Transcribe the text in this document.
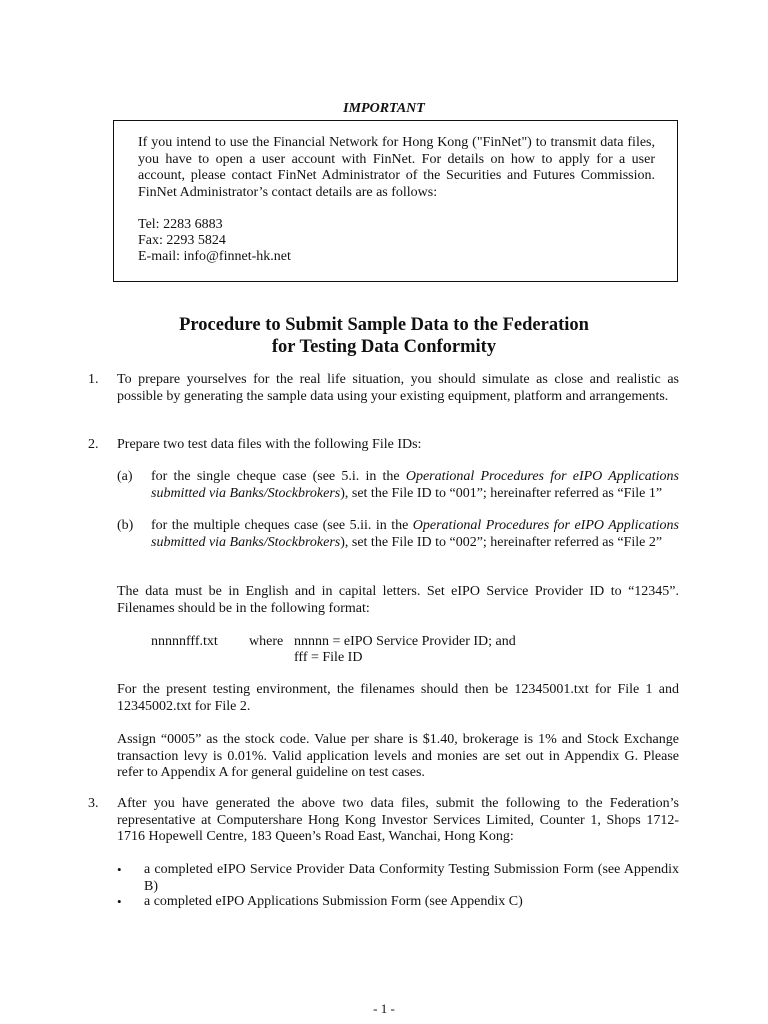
IMPORTANT
If you intend to use the Financial Network for Hong Kong ("FinNet") to transmit data files, you have to open a user account with FinNet. For details on how to apply for a user account, please contact FinNet Administrator of the Securities and Futures Commission. FinNet Administrator’s contact details are as follows:
Tel: 2283 6883
Fax: 2293 5824
E-mail: info@finnet-hk.net
Procedure to Submit Sample Data to the Federation
for Testing Data Conformity
1.	To prepare yourselves for the real life situation, you should simulate as close and realistic as possible by generating the sample data using your existing equipment, platform and arrangements.
2.	Prepare two test data files with the following File IDs:
(a)	for the single cheque case (see 5.i. in the Operational Procedures for eIPO Applications submitted via Banks/Stockbrokers), set the File ID to “001”; hereinafter referred as “File 1”
(b)	for the multiple cheques case (see 5.ii. in the Operational Procedures for eIPO Applications submitted via Banks/Stockbrokers), set the File ID to “002”; hereinafter referred as “File 2”
The data must be in English and in capital letters. Set eIPO Service Provider ID to “12345”. Filenames should be in the following format:
nnnnnfff.txt	where nnnnn = eIPO Service Provider ID; and
fff = File ID
For the present testing environment, the filenames should then be 12345001.txt for File 1 and 12345002.txt for File 2.
Assign “0005” as the stock code. Value per share is $1.40, brokerage is 1% and Stock Exchange transaction levy is 0.01%. Valid application levels and monies are set out in Appendix G. Please refer to Appendix A for general guideline on test cases.
3.	After you have generated the above two data files, submit the following to the Federation’s representative at Computershare Hong Kong Investor Services Limited, Counter 1, Shops 1712-1716 Hopewell Centre, 183 Queen’s Road East, Wanchai, Hong Kong:
•	a completed eIPO Service Provider Data Conformity Testing Submission Form (see Appendix B)
•	a completed eIPO Applications Submission Form (see Appendix C)
- 1 -
